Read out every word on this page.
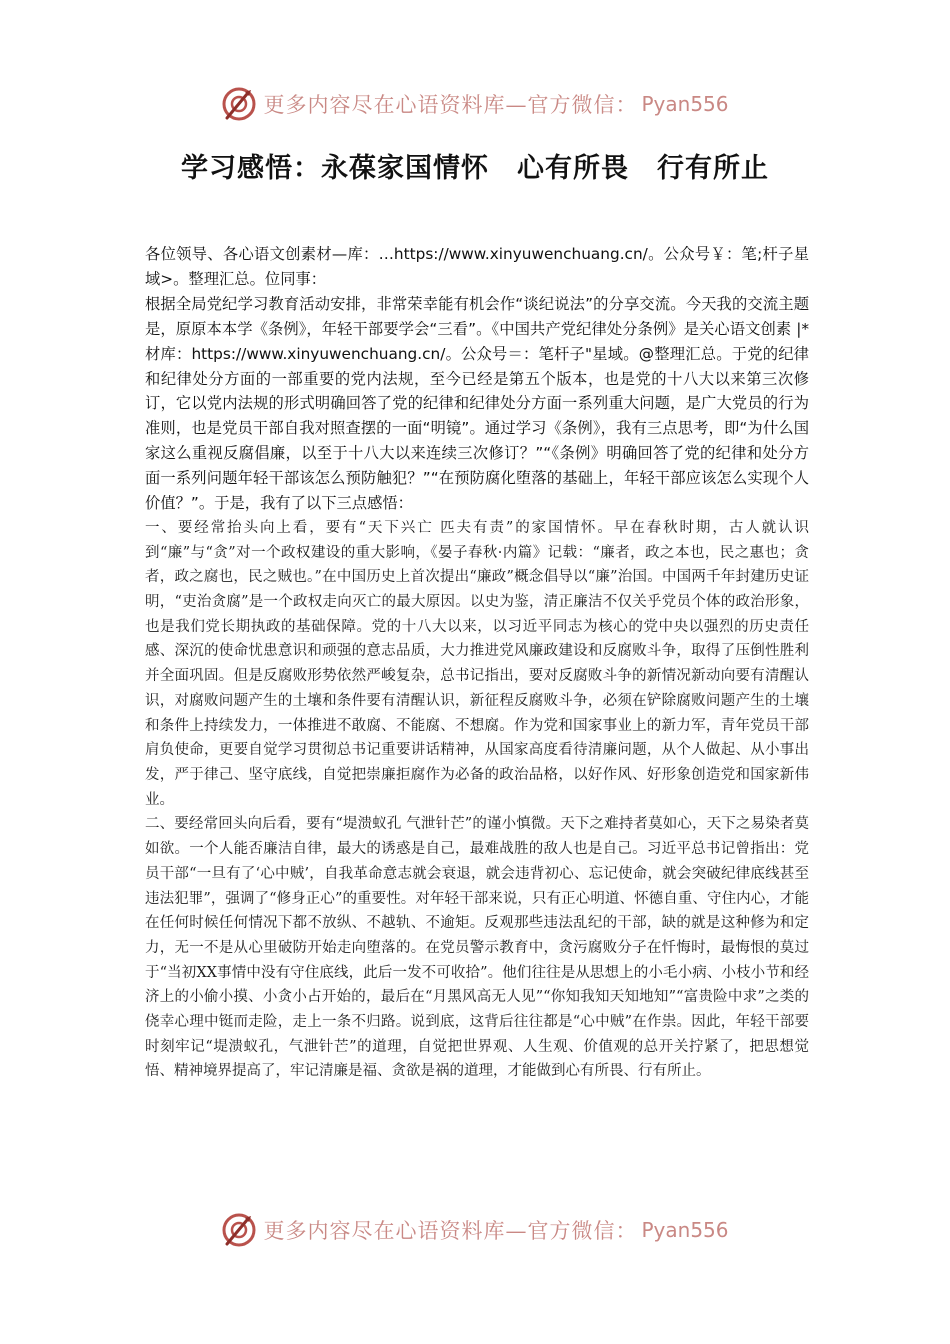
更多内容尽在心语资料库—官方微信： Pyan556
学习感悟：永葆家国情怀　心有所畏　行有所止

各位领导、各心语文创素材—库：…https://www.xinyuwenchuang.cn/。公众号￥：笔;杆子星域>。整理汇总。位同事：

根据全局党纪学习教育活动安排，非常荣幸能有机会作“谈纪说法”的分享交流。今天我的交流主题是，原原本本学《条例》，年轻干部要学会“三看”。《中国共产党纪律处分条例》是关心语文创素 |*材库：https://www.xinyuwenchuang.cn/。公众号＝：笔杆子"星域。@整理汇总。于党的纪律和纪律处分方面的一部重要的党内法规，至今已经是第五个版本，也是党的十八大以来第三次修订，它以党内法规的形式明确回答了党的纪律和纪律处分方面一系列重大问题，是广大党员的行为准则，也是党员干部自我对照查摆的一面“明镜”。通过学习《条例》，我有三点思考，即“为什么国家这么重视反腐倡廉，以至于十八大以来连续三次修订？”“《条例》明确回答了党的纪律和处分方面一系列问题年轻干部该怎么预防触犯？”“在预防腐化堕落的基础上，年轻干部应该怎么实现个人价值？”。于是，我有了以下三点感悟：

一、要经常抬头向上看，要有“天下兴亡 匹夫有责”的家国情怀。早在春秋时期，古人就认识到“廉”与“贪”对一个政权建设的重大影响，《晏子春秋·内篇》记载：“廉者，政之本也，民之惠也；贪者，政之腐也，民之贼也。”在中国历史上首次提出“廉政”概念倡导以“廉”治国。中国两千年封建历史证明，“吏治贪腐”是一个政权走向灭亡的最大原因。以史为鉴，清正廉洁不仅关乎党员个体的政治形象，也是我们党长期执政的基础保障。党的十八大以来，以习近平同志为核心的党中央以强烈的历史责任感、深沉的使命忧患意识和顽强的意志品质，大力推进党风廉政建设和反腐败斗争，取得了压倒性胜利并全面巩固。但是反腐败形势依然严峻复杂，总书记指出，要对反腐败斗争的新情况新动向要有清醒认识，对腐败问题产生的土壤和条件要有清醒认识，新征程反腐败斗争，必须在铲除腐败问题产生的土壤和条件上持续发力，一体推进不敢腐、不能腐、不想腐。作为党和国家事业上的新力军，青年党员干部肩负使命，更要自觉学习贯彻总书记重要讲话精神，从国家高度看待清廉问题，从个人做起、从小事出发，严于律己、坚守底线，自觉把崇廉拒腐作为必备的政治品格，以好作风、好形象创造党和国家新伟业。

二、要经常回头向后看，要有“堤溃蚁孔 气泄针芒”的谨小慎微。天下之难持者莫如心，天下之易染者莫如欲。一个人能否廉洁自律，最大的诱惑是自己，最难战胜的敌人也是自己。习近平总书记曾指出：党员干部“一旦有了‘心中贼’，自我革命意志就会衰退，就会违背初心、忘记使命，就会突破纪律底线甚至违法犯罪”，强调了“修身正心”的重要性。对年轻干部来说，只有正心明道、怀德自重、守住内心，才能在任何时候任何情况下都不放纵、不越轨、不逾矩。反观那些违法乱纪的干部，缺的就是这种修为和定力，无一不是从心里破防开始走向堕落的。在党员警示教育中，贪污腐败分子在忏悔时，最悔恨的莫过于“当初XX事情中没有守住底线，此后一发不可收拾”。他们往往是从思想上的小毛小病、小枝小节和经济上的小偷小摸、小贪小占开始的，最后在“月黑风高无人见”“你知我知天知地知”“富贵险中求”之类的侥幸心理中铤而走险，走上一条不归路。说到底，这背后往往都是“心中贼”在作祟。因此，年轻干部要时刻牢记“堤溃蚁孔，气泄针芒”的道理，自觉把世界观、人生观、价值观的总开关拧紧了，把思想觉悟、精神境界提高了，牢记清廉是福、贪欲是祸的道理，才能做到心有所畏、行有所止。

更多内容尽在心语资料库—官方微信： Pyan556
